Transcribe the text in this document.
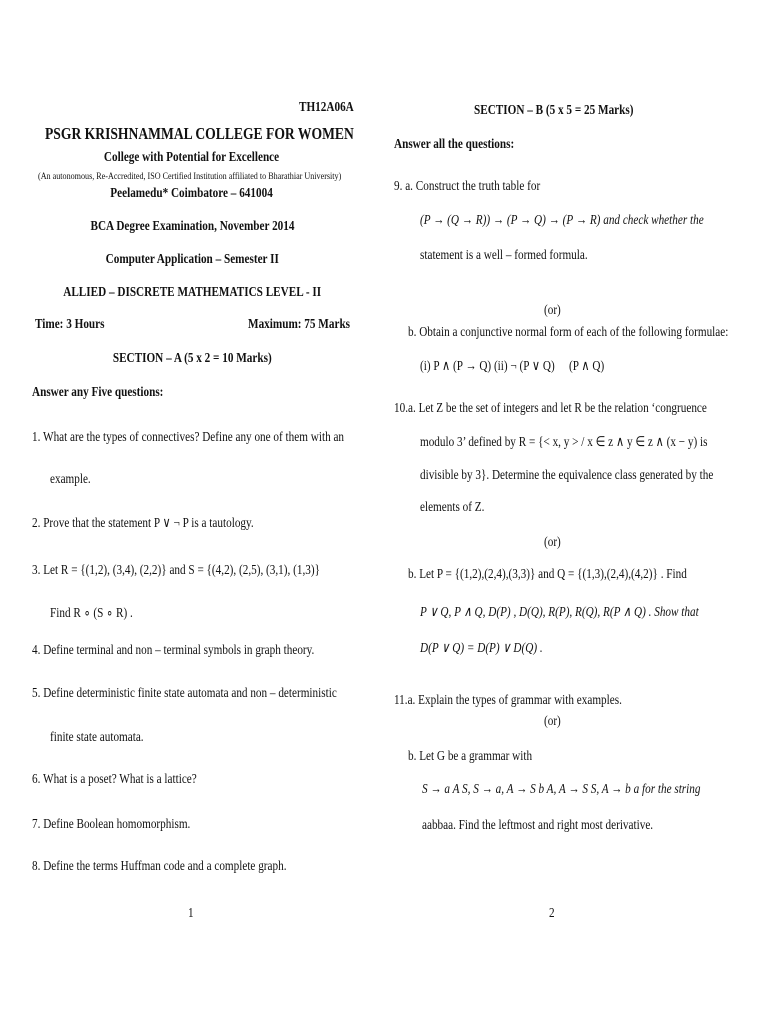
TH12A06A
PSGR KRISHNAMMAL COLLEGE FOR WOMEN
College with Potential for Excellence
(An autonomous, Re-Accredited, ISO Certified Institution affiliated to Bharathiar University)
Peelamedu* Coimbatore – 641004
BCA Degree Examination, November 2014
Computer Application – Semester II
ALLIED – DISCRETE MATHEMATICS LEVEL - II
Time: 3 Hours	Maximum: 75 Marks
SECTION – A (5 x 2 = 10 Marks)
Answer any Five questions:
1. What are the types of connectives? Define any one of them with an
example.
2. Prove that the statement P ∨ ¬ P is a tautology.
3. Let R = {(1,2), (3,4), (2,2)} and S = {(4,2), (2,5), (3,1), (1,3)}
Find R ∘ (S ∘ R) .
4. Define terminal and non – terminal symbols in graph theory.
5. Define deterministic finite state automata and non – deterministic
finite state automata.
6. What is a poset? What is a lattice?
7. Define Boolean homomorphism.
8. Define the terms Huffman code and a complete graph.
1
SECTION – B (5 x 5 = 25 Marks)
Answer all the questions:
9. a. Construct the truth table for
(P → (Q → R)) → (P → Q) → (P → R) and check whether the
statement is a well – formed formula.
(or)
b. Obtain a conjunctive normal form of each of the following formulae:
(i) P ∧ (P → Q) (ii) ¬ (P ∨ Q) ⃞ (P ∧ Q)
10.a. Let Z be the set of integers and let R be the relation ‘congruence
modulo 3’ defined by R = {< x, y > / x ∈ z ∧ y ∈ z ∧ (x − y) is
divisible by 3}. Determine the equivalence class generated by the
elements of Z.
(or)
b. Let P = {(1,2),(2,4),(3,3)} and Q = {(1,3),(2,4),(4,2)} . Find
P ∨ Q, P ∧ Q, D(P) , D(Q), R(P), R(Q), R(P ∧ Q) . Show that
D(P ∨ Q) = D(P) ∨ D(Q) .
11.a. Explain the types of grammar with examples.
(or)
b. Let G be a grammar with
S → a A S, S → a, A → S b A, A → S S, A → b a for the string
aabbaa. Find the leftmost and right most derivative.
2
